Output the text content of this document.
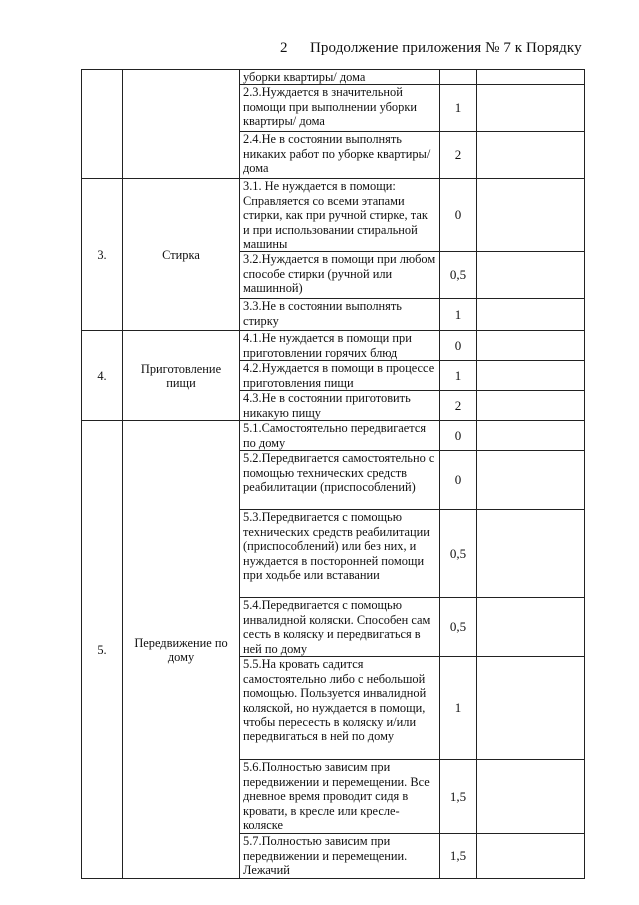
2 Продолжение приложения № 7 к Порядку
		уборки квартиры/ дома		
		2.3.Нуждается в значительной помощи при выполнении уборки квартиры/ дома	1	
		2.4.Не в состоянии выполнять никаких работ по уборке квартиры/ дома	2	
3.	Стирка	3.1. Не нуждается в помощи: Справляется со всеми этапами стирки, как при ручной стирке, так и при использовании стиральной машины	0	
		3.2.Нуждается в помощи при любом способе стирки (ручной или машинной)	0,5	
		3.3.Не в состоянии выполнять стирку	1	
4.	Приготовление пищи	4.1.Не нуждается в помощи при приготовлении горячих блюд	0	
		4.2.Нуждается в помощи в процессе приготовления пищи	1	
		4.3.Не в состоянии приготовить никакую пищу	2	
5.	Передвижение по дому	5.1.Самостоятельно передвигается по дому	0	
		5.2.Передвигается самостоятельно с помощью технических средств реабилитации (приспособлений)	0	
		5.3.Передвигается с помощью технических средств реабилитации (приспособлений) или без них, и нуждается в посторонней помощи при ходьбе или вставании	0,5	
		5.4.Передвигается с помощью инвалидной коляски. Способен сам сесть в коляску и передвигаться в ней по дому	0,5	
		5.5.На кровать садится самостоятельно либо с небольшой помощью. Пользуется инвалидной коляской, но нуждается в помощи, чтобы пересесть в коляску и/или передвигаться в ней по дому	1	
		5.6.Полностью зависим при передвижении и перемещении. Все дневное время проводит сидя в кровати, в кресле или кресле-коляске	1,5	
		5.7.Полностью зависим при передвижении и перемещении. Лежачий	1,5	
